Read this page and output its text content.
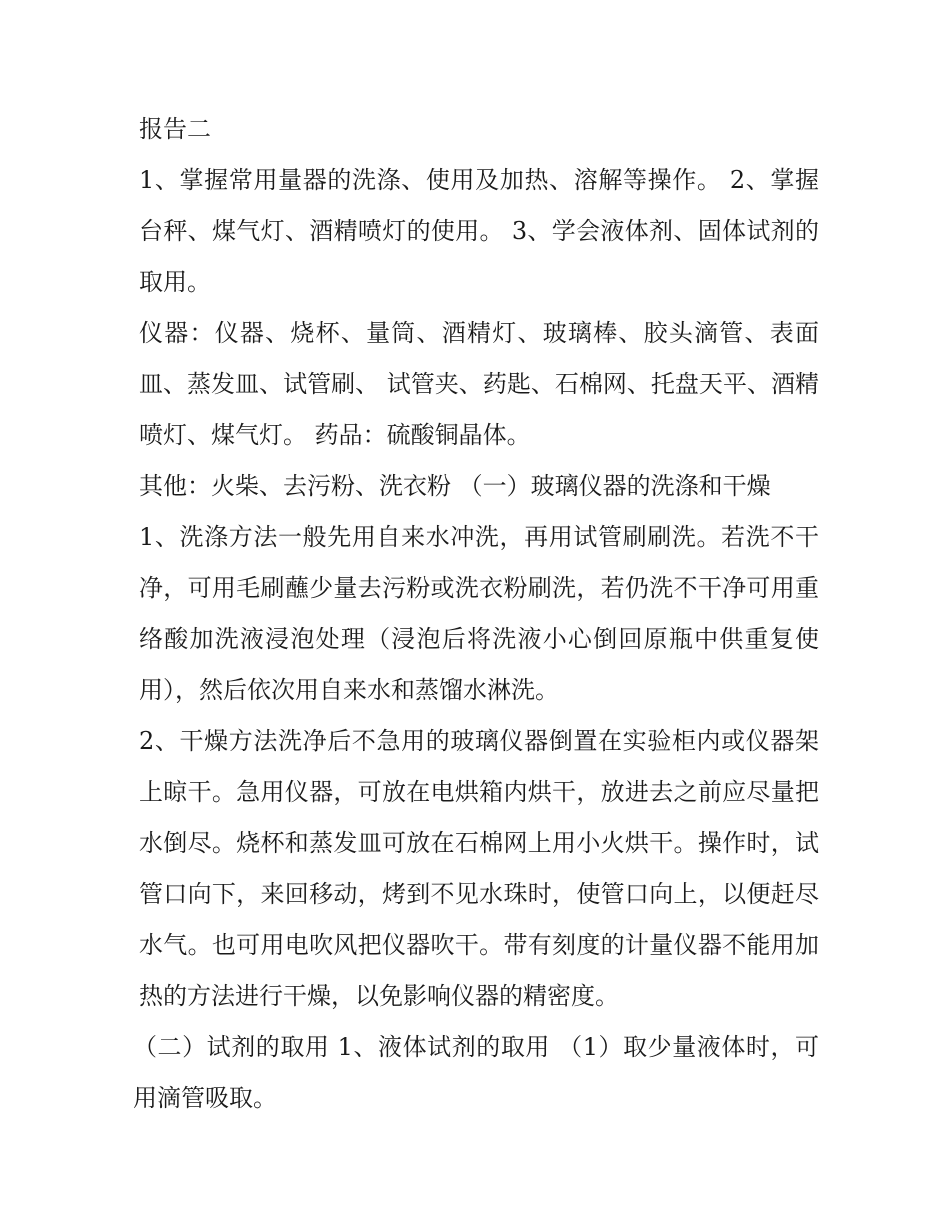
报告二

1、掌握常用量器的洗涤、使用及加热、溶解等操作。 2、掌握台秤、煤气灯、酒精喷灯的使用。 3、学会液体剂、固体试剂的取用。

仪器：仪器、烧杯、量筒、酒精灯、玻璃棒、胶头滴管、表面皿、蒸发皿、试管刷、 试管夹、药匙、石棉网、托盘天平、酒精喷灯、煤气灯。 药品：硫酸铜晶体。

其他：火柴、去污粉、洗衣粉 （一）玻璃仪器的洗涤和干燥

1、洗涤方法一般先用自来水冲洗，再用试管刷刷洗。若洗不干净，可用毛刷蘸少量去污粉或洗衣粉刷洗，若仍洗不干净可用重络酸加洗液浸泡处理（浸泡后将洗液小心倒回原瓶中供重复使用），然后依次用自来水和蒸馏水淋洗。

2、干燥方法洗净后不急用的玻璃仪器倒置在实验柜内或仪器架上晾干。急用仪器，可放在电烘箱内烘干，放进去之前应尽量把水倒尽。烧杯和蒸发皿可放在石棉网上用小火烘干。操作时，试管口向下，来回移动，烤到不见水珠时，使管口向上，以便赶尽水气。也可用电吹风把仪器吹干。带有刻度的计量仪器不能用加热的方法进行干燥，以免影响仪器的精密度。

（二）试剂的取用 1、液体试剂的取用 （1）取少量液体时，可用滴管吸取。
